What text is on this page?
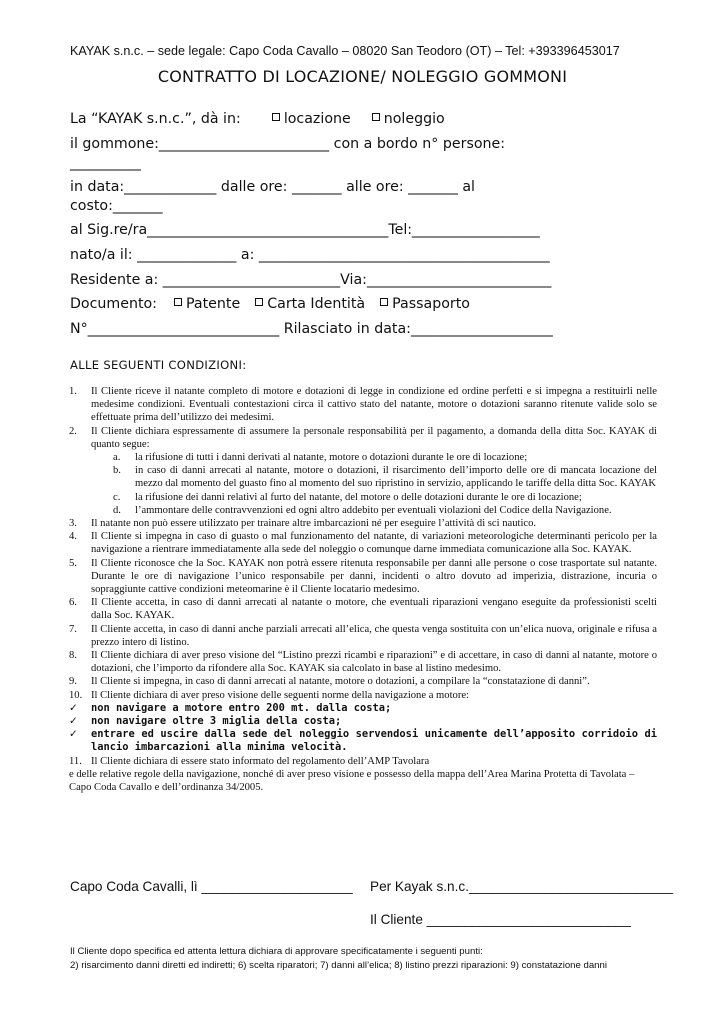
KAYAK s.n.c. – sede legale: Capo Coda Cavallo – 08020 San Teodoro (OT) – Tel: +393396453017
CONTRATTO DI LOCAZIONE/ NOLEGGIO GOMMONI
La “KAYAK s.n.c.”, dà in:	locazione noleggio
il gommone:________________________ con a bordo n° persone:
__________
in data:_____________ dalle ore: _______ alle ore: _______ al
costo:_______
al Sig.re/ra__________________________________Tel:__________________
nato/a il: ______________ a: _________________________________________
Residente a: _________________________Via:__________________________
Documento: Patente Carta Identità Passaporto
N°___________________________ Rilasciato in data:____________________
ALLE SEGUENTI CONDIZIONI:
1. Il Cliente riceve il natante completo di motore e dotazioni di legge in condizione ed ordine perfetti e si impegna a restituirli nelle medesime condizioni. Eventuali contestazioni circa il cattivo stato del natante, motore o dotazioni saranno ritenute valide solo se effettuate prima dell’utilizzo dei medesimi.
2. Il Cliente dichiara espressamente di assumere la personale responsabilità per il pagamento, a domanda della ditta Soc. KAYAK di quanto segue:
a. la rifusione di tutti i danni derivati al natante, motore o dotazioni durante le ore di locazione;
b. in caso di danni arrecati al natante, motore o dotazioni, il risarcimento dell’importo delle ore di mancata locazione del mezzo dal momento del guasto fino al momento del suo ripristino in servizio, applicando le tariffe della ditta Soc. KAYAK
c. la rifusione dei danni relativi al furto del natante, del motore o delle dotazioni durante le ore di locazione;
d. l’ammontare delle contravvenzioni ed ogni altro addebito per eventuali violazioni del Codice della Navigazione.
3. Il natante non può essere utilizzato per trainare altre imbarcazioni né per eseguire l’attività di sci nautico.
4. Il Cliente si impegna in caso di guasto o mal funzionamento del natante, di variazioni meteorologiche determinanti pericolo per la navigazione a rientrare immediatamente alla sede del noleggio o comunque darne immediata comunicazione alla Soc. KAYAK.
5. Il Cliente riconosce che la Soc. KAYAK non potrà essere ritenuta responsabile per danni alle persone o cose trasportate sul natante. Durante le ore di navigazione l’unico responsabile per danni, incidenti o altro dovuto ad imperizia, distrazione, incuria o sopraggiunte cattive condizioni meteomarine è il Cliente locatario medesimo.
6. Il Cliente accetta, in caso di danni arrecati al natante o motore, che eventuali riparazioni vengano eseguite da professionisti scelti dalla Soc. KAYAK.
7. Il Cliente accetta, in caso di danni anche parziali arrecati all’elica, che questa venga sostituita con un’elica nuova, originale e rifusa a prezzo intero di listino.
8. Il Cliente dichiara di aver preso visione del “Listino prezzi ricambi e riparazioni” e di accettare, in caso di danni al natante, motore o dotazioni, che l’importo da rifondere alla Soc. KAYAK sia calcolato in base al listino medesimo.
9. Il Cliente si impegna, in caso di danni arrecati al natante, motore o dotazioni, a compilare la “constatazione di danni”.
10. Il Cliente dichiara di aver preso visione delle seguenti norme della navigazione a motore:
✓ non navigare a motore entro 200 mt. dalla costa;
✓ non navigare oltre 3 miglia della costa;
✓ entrare ed uscire dalla sede del noleggio servendosi unicamente dell’apposito corridoio di lancio imbarcazioni alla minima velocità.
11. Il Cliente dichiara di essere stato informato del regolamento dell’AMP Tavolara
e delle relative regole della navigazione, nonché di aver preso visione e possesso della mappa dell’Area Marina Protetta di Tavolata – Capo Coda Cavallo e dell’ordinanza 34/2005.
Capo Coda Cavalli, lì ____________________ Per Kayak s.n.c.___________________________
Il Cliente ___________________________
Il Cliente dopo specifica ed attenta lettura dichiara di approvare specificatamente i seguenti punti:
2) risarcimento danni diretti ed indiretti; 6) scelta riparatori; 7) danni all’elica; 8) listino prezzi riparazioni: 9) constatazione danni
